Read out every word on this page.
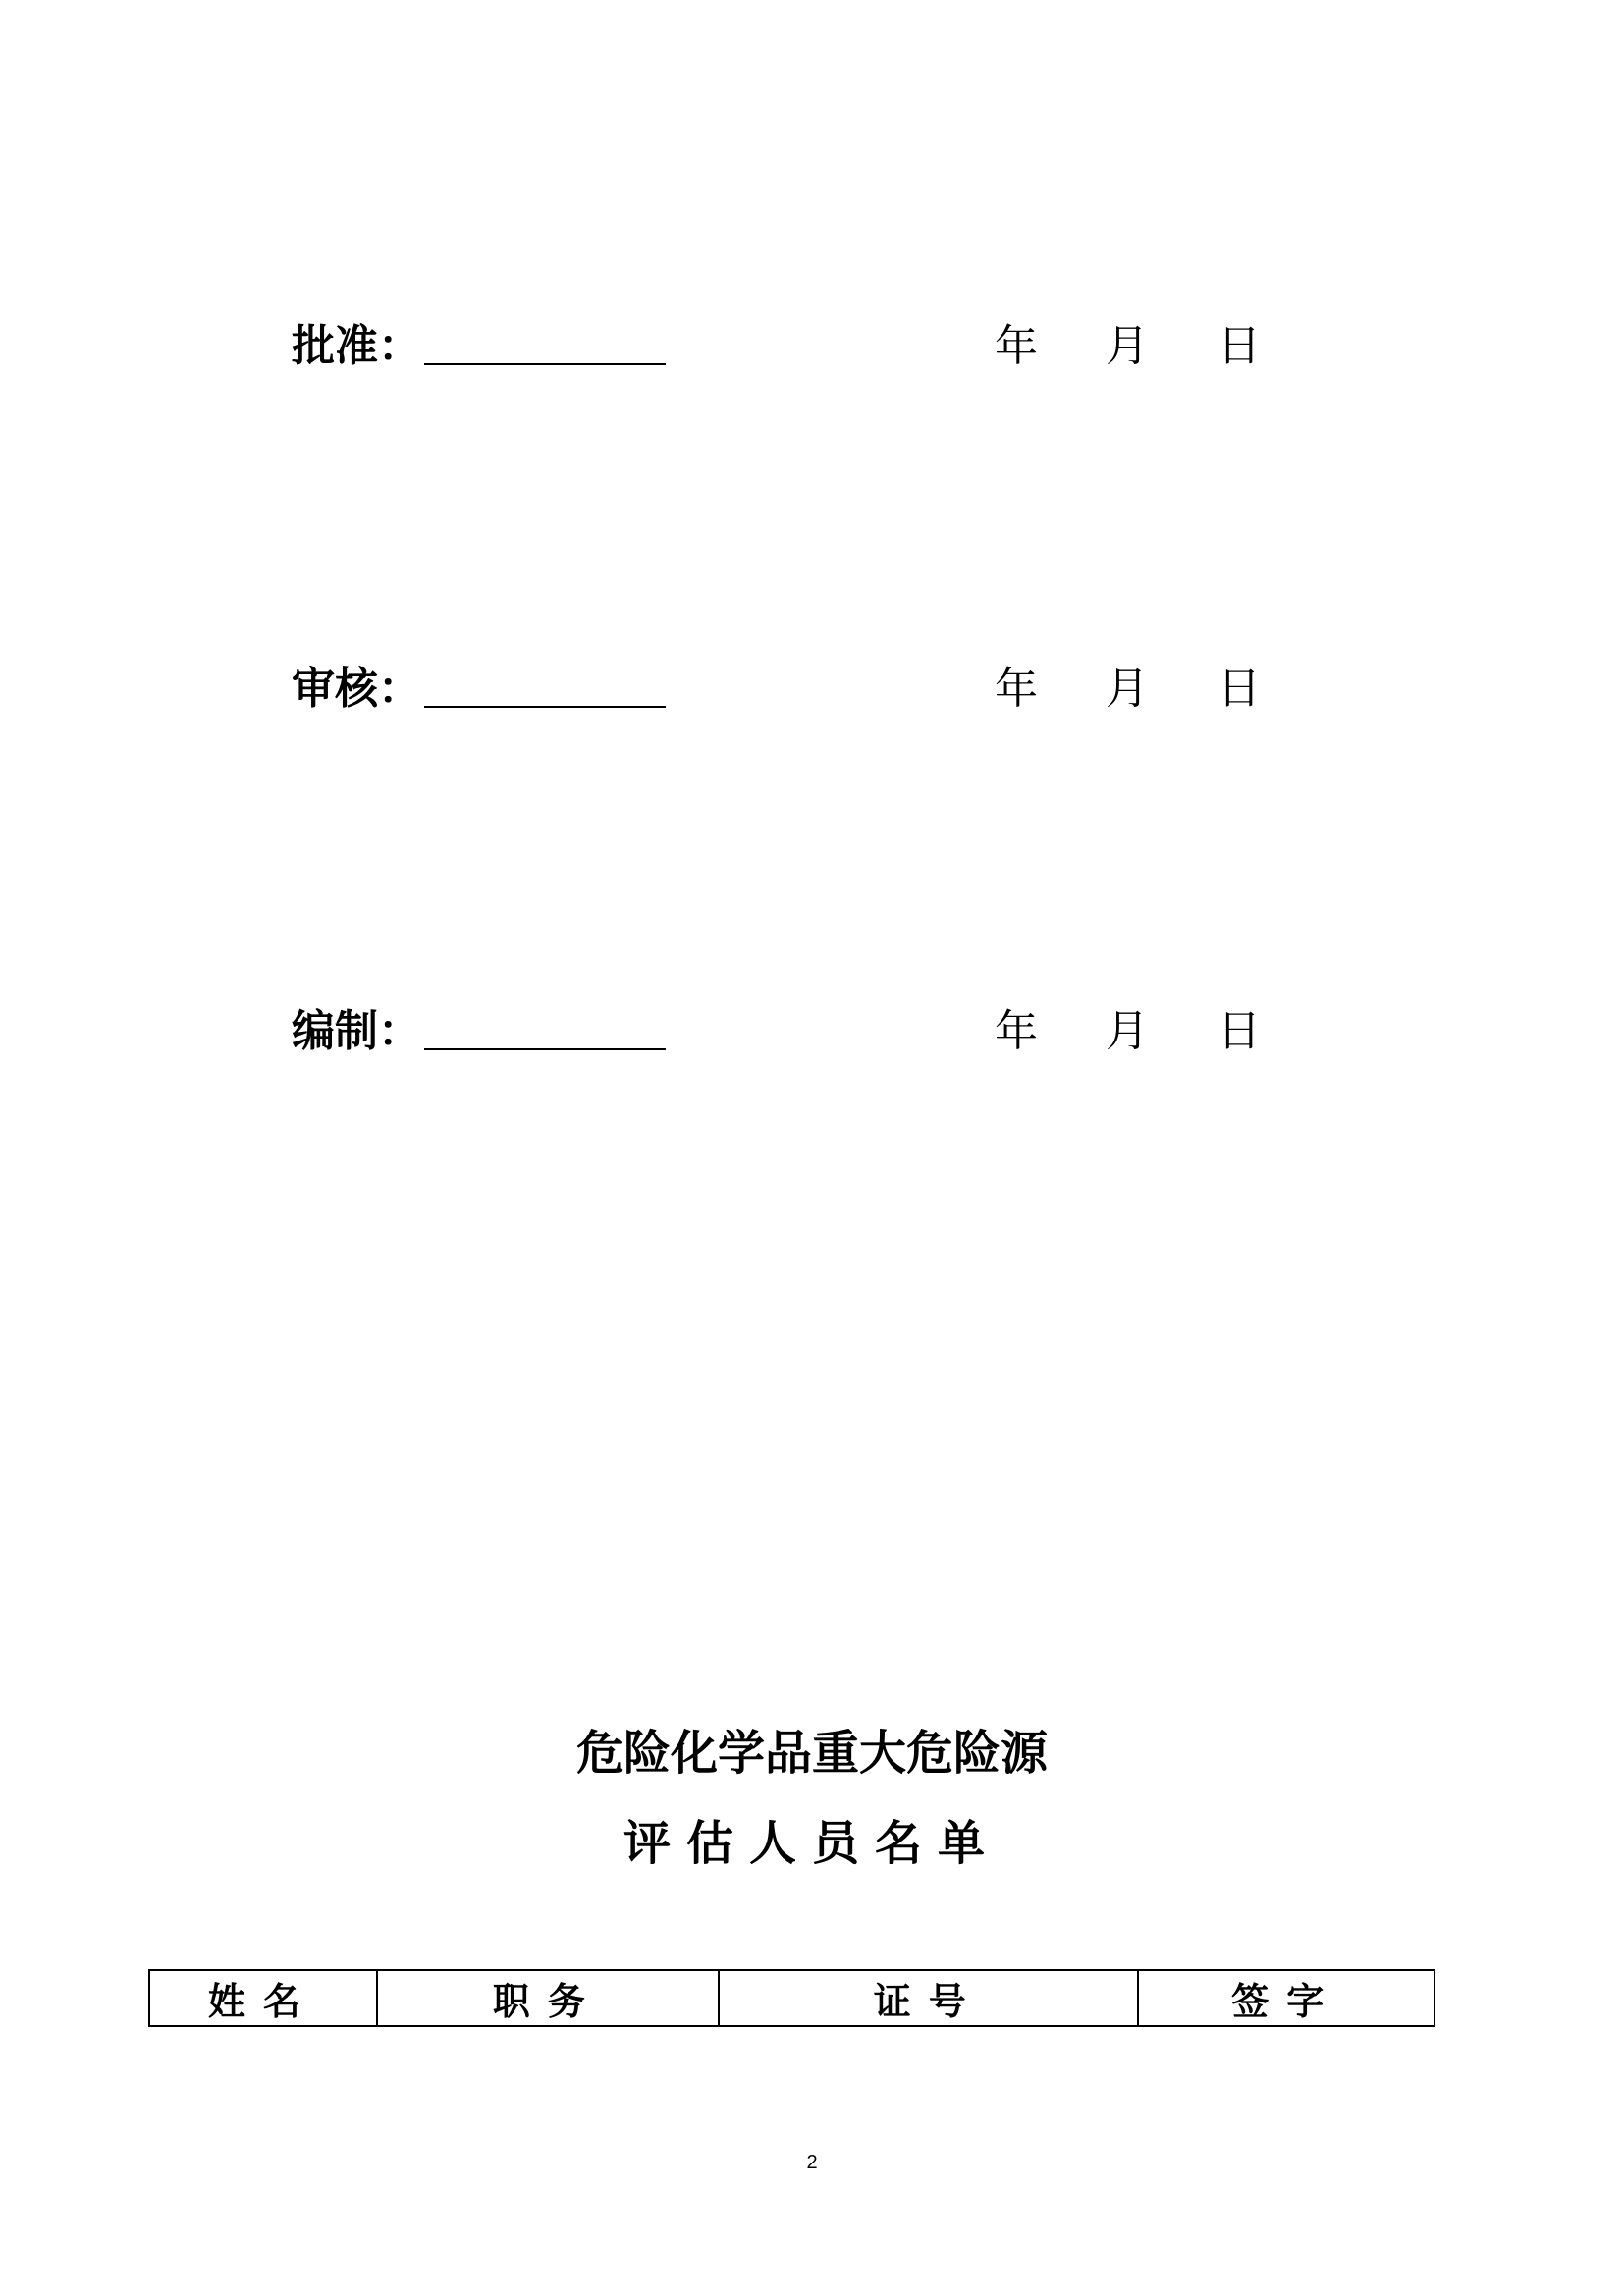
批准：	年 月 日
审核：	年 月 日
编制：	年 月 日
危险化学品重大危险源
评估人员名单
姓名	职务	证号	签字
2
